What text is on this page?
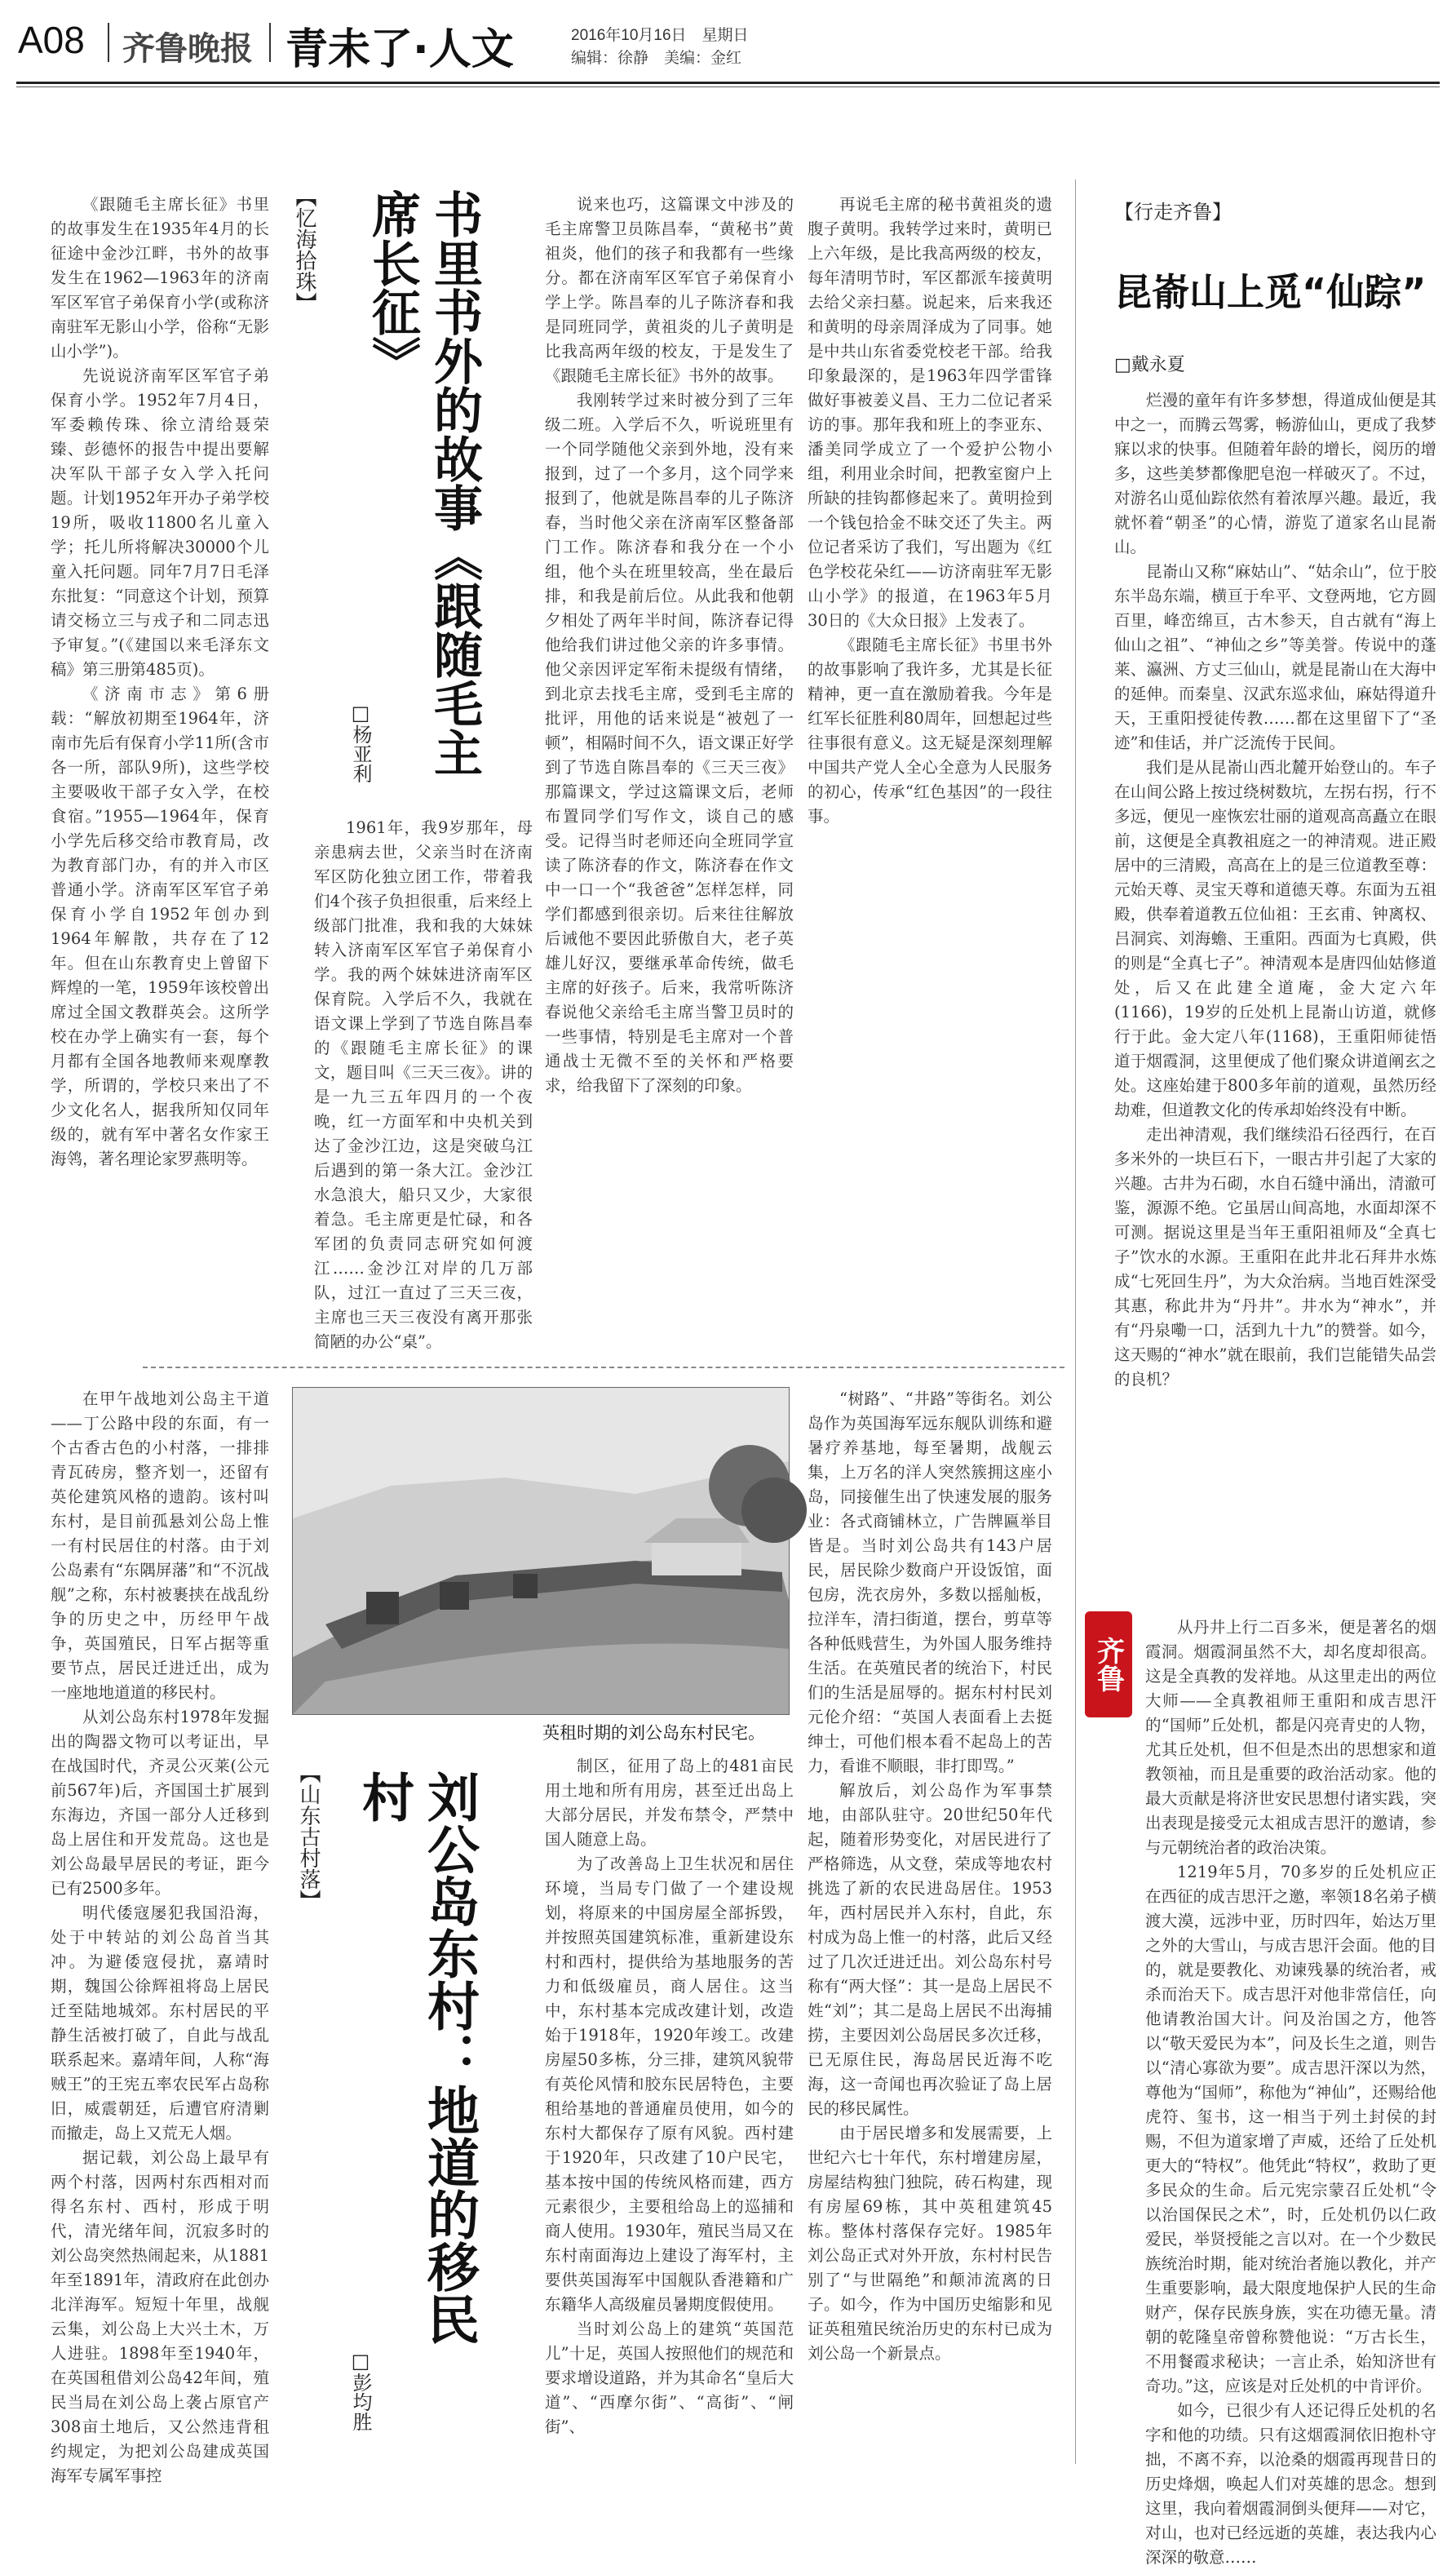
A08 齐鲁晚报 青未了·人文	2016年10月16日　星期日
编辑：徐静　美编：金红
【忆海拾珠】	书里书外的故事《跟随毛主席长征》
□杨亚利

《跟随毛主席长征》书里的故事发生在1935年4月的长征途中金沙江畔，书外的故事发生在1962—1963年的济南军区军官子弟保育小学(或称济南驻军无影山小学，俗称“无影山小学”)。

先说说济南军区军官子弟保育小学。1952年7月4日，军委赖传珠、徐立清给聂荣臻、彭德怀的报告中提出要解决军队干部子女入学入托问题。计划1952年开办子弟学校19所，吸收11800名儿童入学；托儿所将解决30000个儿童入托问题。同年7月7日毛泽东批复：“同意这个计划，预算请交杨立三与戎子和二同志迅予审复。”(《建国以来毛泽东文稿》第三册第485页)。

《济南市志》第6册载：“解放初期至1964年，济南市先后有保育小学11所(含市各一所，部队9所)，这些学校主要吸收干部子女入学，在校食宿。”1955—1964年，保育小学先后移交给市教育局，改为教育部门办，有的并入市区普通小学。济南军区军官子弟保育小学自1952年创办到1964年解散，共存在了12年。但在山东教育史上曾留下辉煌的一笔，1959年该校曾出席过全国文教群英会。这所学校在办学上确实有一套，每个月都有全国各地教师来观摩教学，所谓的，学校只来出了不少文化名人，据我所知仅同年级的，就有军中著名女作家王海鸰，著名理论家罗燕明等。

1961年，我9岁那年，母亲患病去世，父亲当时在济南军区防化独立团工作，带着我们4个孩子负担很重，后来经上级部门批准，我和我的大妹妹转入济南军区军官子弟保育小学。我的两个妹妹进济南军区保育院。入学后不久，我就在语文课上学到了节选自陈昌奉的《跟随毛主席长征》的课文，题目叫《三天三夜》。讲的是一九三五年四月的一个夜晚，红一方面军和中央机关到达了金沙江边，这是突破乌江后遇到的第一条大江。金沙江水急浪大，船只又少，大家很着急。毛主席更是忙碌，和各军团的负责同志研究如何渡江……金沙江对岸的几万部队，过江一直过了三天三夜，主席也三天三夜没有离开那张简陋的办公“桌”。

说来也巧，这篇课文中涉及的毛主席警卫员陈昌奉，“黄秘书”黄祖炎，他们的孩子和我都有一些缘分。都在济南军区军官子弟保育小学上学。陈昌奉的儿子陈济春和我是同班同学，黄祖炎的儿子黄明是比我高两年级的校友，于是发生了《跟随毛主席长征》书外的故事。

我刚转学过来时被分到了三年级二班。入学后不久，听说班里有一个同学随他父亲到外地，没有来报到，过了一个多月，这个同学来报到了，他就是陈昌奉的儿子陈济春，当时他父亲在济南军区整备部门工作。陈济春和我分在一个小组，他个头在班里较高，坐在最后排，和我是前后位。从此我和他朝夕相处了两年半时间，陈济春记得他给我们讲过他父亲的许多事情。他父亲因评定军衔未提级有情绪，到北京去找毛主席，受到毛主席的批评，用他的话来说是“被剋了一顿”，相隔时间不久，语文课正好学到了节选自陈昌奉的《三天三夜》那篇课文，学过这篇课文后，老师布置同学们写作文，谈自己的感受。记得当时老师还向全班同学宣读了陈济春的作文，陈济春在作文中一口一个“我爸爸”怎样怎样，同学们都感到很亲切。后来往往解放后诫他不要因此骄傲自大，老子英雄儿好汉，要继承革命传统，做毛主席的好孩子。后来，我常听陈济春说他父亲给毛主席当警卫员时的一些事情，特别是毛主席对一个普通战士无微不至的关怀和严格要求，给我留下了深刻的印象。

再说毛主席的秘书黄祖炎的遗腹子黄明。我转学过来时，黄明已上六年级，是比我高两级的校友，每年清明节时，军区都派车接黄明去给父亲扫墓。说起来，后来我还和黄明的母亲周泽成为了同事。她是中共山东省委党校老干部。给我印象最深的，是1963年四学雷锋做好事被姜义昌、王力二位记者采访的事。那年我和班上的李亚东、潘美同学成立了一个爱护公物小组，利用业余时间，把教室窗户上所缺的挂钩都修起来了。黄明捡到一个钱包拾金不昧交还了失主。两位记者采访了我们，写出题为《红色学校花朵红——访济南驻军无影山小学》的报道，在1963年5月30日的《大众日报》上发表了。

《跟随毛主席长征》书里书外的故事影响了我许多，尤其是长征精神，更一直在激励着我。今年是红军长征胜利80周年，回想起过些往事很有意义。这无疑是深刻理解中国共产党人全心全意为人民服务的初心，传承“红色基因”的一段往事。

【行走齐鲁】
昆嵛山上觅“仙踪”
□戴永夏

烂漫的童年有许多梦想，得道成仙便是其中之一，而腾云驾雾，畅游仙山，更成了我梦寐以求的快事。但随着年龄的增长，阅历的增多，这些美梦都像肥皂泡一样破灭了。不过，对游名山觅仙踪依然有着浓厚兴趣。最近，我就怀着“朝圣”的心情，游览了道家名山昆嵛山。

昆嵛山又称“麻姑山”、“姑余山”，位于胶东半岛东端，横亘于牟平、文登两地，它方圆百里，峰峦绵亘，古木参天，自古就有“海上仙山之祖”、“神仙之乡”等美誉。传说中的蓬莱、瀛洲、方丈三仙山，就是昆嵛山在大海中的延伸。而秦皇、汉武东巡求仙，麻姑得道升天，王重阳授徒传教……都在这里留下了“圣迹”和佳话，并广泛流传于民间。

我们是从昆嵛山西北麓开始登山的。车子在山间公路上按过绕树数坑，左拐右拐，行不多远，便见一座恢宏壮丽的道观高高矗立在眼前，这便是全真教祖庭之一的神清观。进正殿居中的三清殿，高高在上的是三位道教至尊：元始天尊、灵宝天尊和道德天尊。东面为五祖殿，供奉着道教五位仙祖：王玄甫、钟离权、吕洞宾、刘海蟾、王重阳。西面为七真殿，供的则是“全真七子”。神清观本是唐四仙姑修道处，后又在此建全道庵，金大定六年(1166)，19岁的丘处机上昆嵛山访道，就修行于此。金大定八年(1168)，王重阳师徒悟道于烟霞洞，这里便成了他们聚众讲道阐玄之处。这座始建于800多年前的道观，虽然历经劫难，但道教文化的传承却始终没有中断。

走出神清观，我们继续沿石径西行，在百多米外的一块巨石下，一眼古井引起了大家的兴趣。古井为石砌，水自石缝中涌出，清澈可鉴，源源不绝。它虽居山间高地，水面却深不可测。据说这里是当年王重阳祖师及“全真七子”饮水的水源。王重阳在此井北石拜井水炼成“七死回生丹”，为大众治病。当地百姓深受其惠，称此井为“丹井”。井水为“神水”，并有“丹泉嘞一口，活到九十九”的赞誉。如今，这天赐的“神水”就在眼前，我们岂能错失品尝的良机？

齐鲁

从丹井上行二百多米，便是著名的烟霞洞。烟霞洞虽然不大，却名度却很高。这是全真教的发祥地。从这里走出的两位大师——全真教祖师王重阳和成吉思汗的“国师”丘处机，都是闪亮青史的人物，尤其丘处机，但不但是杰出的思想家和道教领袖，而且是重要的政治活动家。他的最大贡献是将济世安民思想付诸实践，突出表现是接受元太祖成吉思汗的邀请，参与元朝统治者的政治决策。

1219年5月，70多岁的丘处机应正在西征的成吉思汗之邀，率领18名弟子横渡大漠，远涉中亚，历时四年，始达万里之外的大雪山，与成吉思汗会面。他的目的，就是要教化、劝谏残暴的统治者，戒杀而治天下。成吉思汗对他非常信任，向他请教治国大计。问及治国之方，他答以“敬天爱民为本”，问及长生之道，则告以“清心寡欲为要”。成吉思汗深以为然，尊他为“国师”，称他为“神仙”，还赐给他虎符、玺书，这一相当于列土封侯的封赐，不但为道家增了声威，还给了丘处机更大的“特权”。他凭此“特权”，救助了更多民众的生命。后元宪宗蒙召丘处机“令以治国保民之术”，时，丘处机仍以仁政爱民，举贤授能之言以对。在一个少数民族统治时期，能对统治者施以教化，并产生重要影响，最大限度地保护人民的生命财产，保存民族身族，实在功德无量。清朝的乾隆皇帝曾称赞他说：“万古长生，不用餐霞求秘诀；一言止杀，始知济世有奇功。”这，应该是对丘处机的中肯评价。

如今，已很少有人还记得丘处机的名字和他的功绩。只有这烟霞洞依旧抱朴守拙，不离不弃，以沧桑的烟霞再现昔日的历史烽烟，唤起人们对英雄的思念。想到这里，我向着烟霞洞倒头便拜——对它，对山，也对已经远逝的英雄，表达我内心深深的敬意……

在甲午战地刘公岛主干道——丁公路中段的东面，有一个古香古色的小村落，一排排青瓦砖房，整齐划一，还留有英伦建筑风格的遗韵。该村叫东村，是目前孤悬刘公岛上惟一有村民居住的村落。由于刘公岛素有“东隅屏藩”和“不沉战舰”之称，东村被裹挟在战乱纷争的历史之中，历经甲午战争，英国殖民，日军占据等重要节点，居民迁进迁出，成为一座地地道道的移民村。

从刘公岛东村1978年发掘出的陶器文物可以考证出，早在战国时代，齐灵公灭莱(公元前567年)后，齐国国土扩展到东海边，齐国一部分人迁移到岛上居住和开发荒岛。这也是刘公岛最早居民的考证，距今已有2500多年。

明代倭寇屡犯我国沿海，处于中转站的刘公岛首当其冲。为避倭寇侵扰，嘉靖时期，魏国公徐辉祖将岛上居民迁至陆地城郊。东村居民的平静生活被打破了，自此与战乱联系起来。嘉靖年间，人称“海贼王”的王宪五率农民军占岛称旧，威震朝廷，后遭官府清剿而撤走，岛上又荒无人烟。

据记载，刘公岛上最早有两个村落，因两村东西相对而得名东村、西村，形成于明代，清光绪年间，沉寂多时的刘公岛突然热闹起来，从1881年至1891年，清政府在此创办北洋海军。短短十年里，战舰云集，刘公岛上大兴土木，万人进驻。1898年至1940年，在英国租借刘公岛42年间，殖民当局在刘公岛上袭占原官产308亩土地后，又公然违背租约规定，为把刘公岛建成英国海军专属军事控

英租时期的刘公岛东村民宅。
【山东古村落】	刘公岛东村：地道的移民村
□彭均胜

制区，征用了岛上的481亩民用土地和所有用房，甚至迁出岛上大部分居民，并发布禁令，严禁中国人随意上岛。

为了改善岛上卫生状况和居住环境，当局专门做了一个建设规划，将原来的中国房屋全部拆毁，并按照英国建筑标准，重新建设东村和西村，提供给为基地服务的苦力和低级雇员，商人居住。这当中，东村基本完成改建计划，改造始于1918年，1920年竣工。改建房屋50多栋，分三排，建筑风貌带有英伦风情和胶东民居特色，主要租给基地的普通雇员使用，如今的东村大都保存了原有风貌。西村建于1920年，只改建了10户民宅，基本按中国的传统风格而建，西方元素很少，主要租给岛上的巡捕和商人使用。1930年，殖民当局又在东村南面海边上建设了海军村，主要供英国海军中国舰队香港籍和广东籍华人高级雇员暑期度假使用。

当时刘公岛上的建筑“英国范儿”十足，英国人按照他们的规范和要求增设道路，并为其命名“皇后大道”、“西摩尔街”、“高街”、“闸街”、

“树路”、“井路”等街名。刘公岛作为英国海军远东舰队训练和避暑疗养基地，每至暑期，战舰云集，上万名的洋人突然簇拥这座小岛，同接催生出了快速发展的服务业：各式商铺林立，广告牌匾举目皆是。当时刘公岛共有143户居民，居民除少数商户开设饭馆，面包房，洗衣房外，多数以摇舢板，拉洋车，清扫街道，摆台，剪草等各种低贱营生，为外国人服务维持生活。在英殖民者的统治下，村民们的生活是屈辱的。据东村村民刘元伦介绍：“英国人表面看上去挺绅士，可他们根本看不起岛上的苦力，看谁不顺眼，非打即骂。”

解放后，刘公岛作为军事禁地，由部队驻守。20世纪50年代起，随着形势变化，对居民进行了严格筛选，从文登，荣成等地农村挑选了新的农民进岛居住。1953年，西村居民并入东村，自此，东村成为岛上惟一的村落，此后又经过了几次迁进迁出。刘公岛东村号称有“两大怪”：其一是岛上居民不姓“刘”；其二是岛上居民不出海捕捞，主要因刘公岛居民多次迁移，已无原住民，海岛居民近海不吃海，这一奇闻也再次验证了岛上居民的移民属性。

由于居民增多和发展需要，上世纪六七十年代，东村增建房屋，房屋结构独门独院，砖石构建，现有房屋69栋，其中英租建筑45栋。整体村落保存完好。1985年刘公岛正式对外开放，东村村民告别了“与世隔绝”和颠沛流离的日子。如今，作为中国历史缩影和见证英租殖民统治历史的东村已成为刘公岛一个新景点。
